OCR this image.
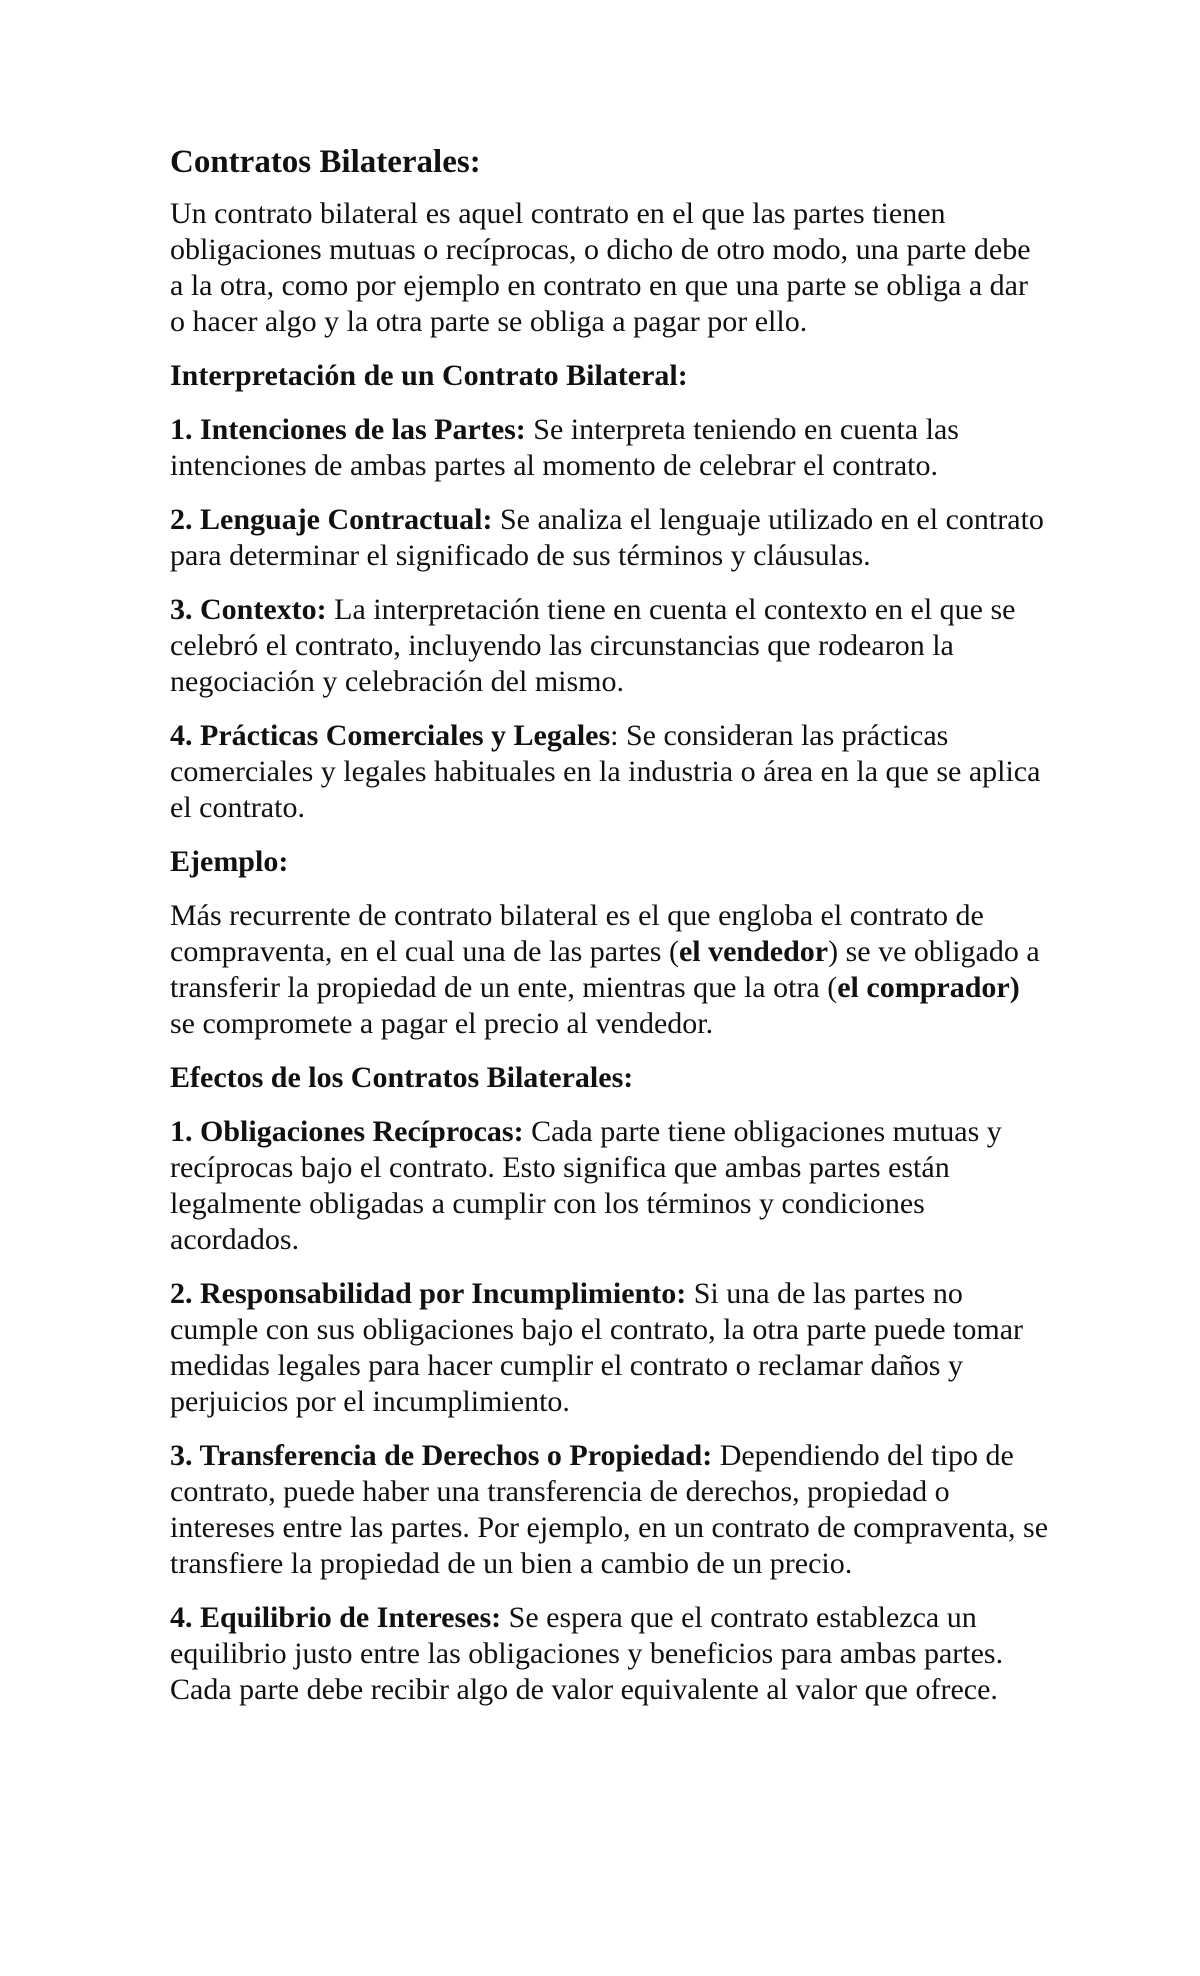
Contratos Bilaterales:

Un contrato bilateral es aquel contrato en el que las partes tienen obligaciones mutuas o recíprocas, o dicho de otro modo, una parte debe a la otra, como por ejemplo en contrato en que una parte se obliga a dar o hacer algo y la otra parte se obliga a pagar por ello.

Interpretación de un Contrato Bilateral:

1. Intenciones de las Partes: Se interpreta teniendo en cuenta las intenciones de ambas partes al momento de celebrar el contrato.

2. Lenguaje Contractual: Se analiza el lenguaje utilizado en el contrato para determinar el significado de sus términos y cláusulas.

3. Contexto: La interpretación tiene en cuenta el contexto en el que se celebró el contrato, incluyendo las circunstancias que rodearon la negociación y celebración del mismo.

4. Prácticas Comerciales y Legales: Se consideran las prácticas comerciales y legales habituales en la industria o área en la que se aplica el contrato.

Ejemplo:

Más recurrente de contrato bilateral es el que engloba el contrato de compraventa, en el cual una de las partes (el vendedor) se ve obligado a transferir la propiedad de un ente, mientras que la otra (el comprador) se compromete a pagar el precio al vendedor.

Efectos de los Contratos Bilaterales:

1. Obligaciones Recíprocas: Cada parte tiene obligaciones mutuas y recíprocas bajo el contrato. Esto significa que ambas partes están legalmente obligadas a cumplir con los términos y condiciones acordados.

2. Responsabilidad por Incumplimiento: Si una de las partes no cumple con sus obligaciones bajo el contrato, la otra parte puede tomar medidas legales para hacer cumplir el contrato o reclamar daños y perjuicios por el incumplimiento.

3. Transferencia de Derechos o Propiedad: Dependiendo del tipo de contrato, puede haber una transferencia de derechos, propiedad o intereses entre las partes. Por ejemplo, en un contrato de compraventa, se transfiere la propiedad de un bien a cambio de un precio.

4. Equilibrio de Intereses: Se espera que el contrato establezca un equilibrio justo entre las obligaciones y beneficios para ambas partes. Cada parte debe recibir algo de valor equivalente al valor que ofrece.
